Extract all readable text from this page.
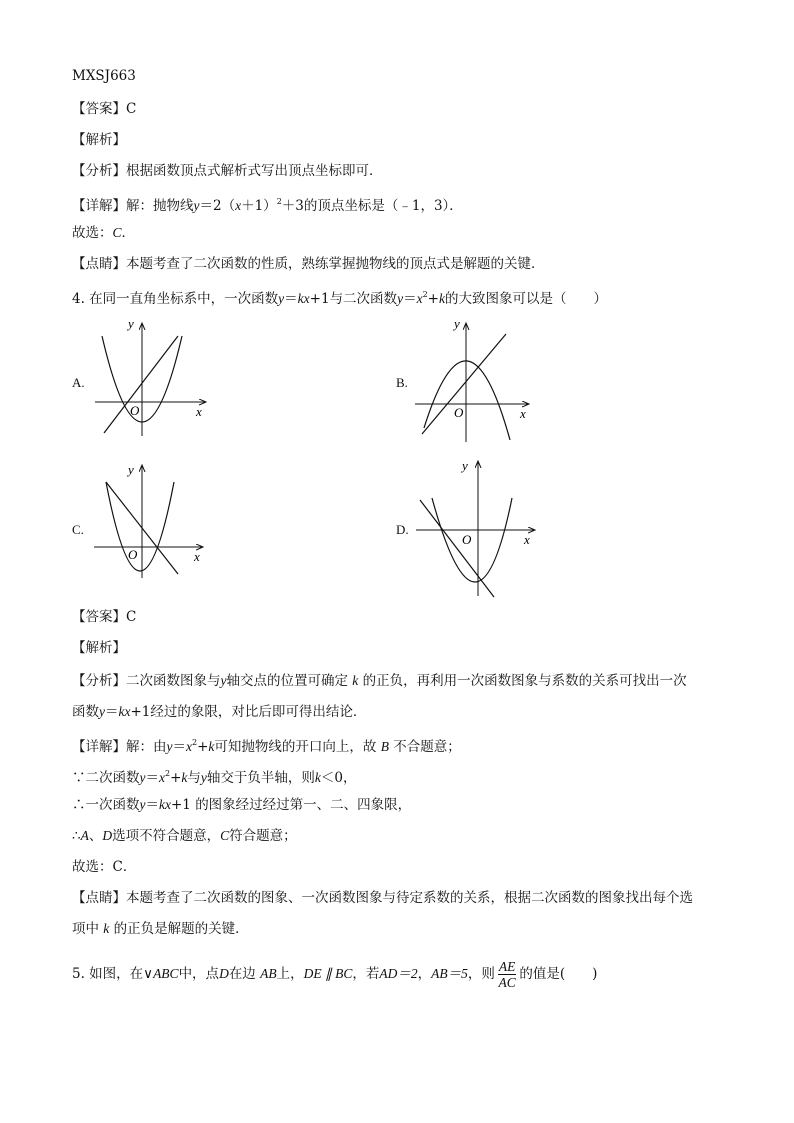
MXSJ663
【答案】C
【解析】
【分析】根据函数顶点式解析式写出顶点坐标即可．
【详解】解：抛物线$y=2(x+1)^2+3$的顶点坐标是（﹣1，3）．
故选：C．
【点睛】本题考查了二次函数的性质，熟练掌握抛物线的顶点式是解题的关键．
4. 在同一直角坐标系中，一次函数y＝kx+1与二次函数$y=x^2+k$的大致图象可以是（　　）
A.
x
y
O
B.
x
y
O
C.
x
y
O
D.
x
y
O
【答案】C
【解析】
【分析】二次函数图象与y轴交点的位置可确定 k 的正负，再利用一次函数图象与系数的关系可找出一次
函数y＝kx+1经过的象限，对比后即可得出结论．
【详解】解：由$y=x^2+k$可知抛物线的开口向上，故 B 不合题意；
∵二次函数$y=x^2+k$与y轴交于负半轴，则k＜0，
∴一次函数y＝kx+1 的图象经过经过第一、二、四象限，
∴A、D选项不符合题意，C符合题意；
故选：C．
【点睛】本题考查了二次函数的图象、一次函数图象与待定系数的关系，根据二次函数的图象找出每个选
项中 k 的正负是解题的关键．
5. 如图，在∨ABC中，点D在边 AB上，DE ∥ BC，若AD＝2，AB＝5，则 $\frac{AE}{AC}$ 的值是(　　)
